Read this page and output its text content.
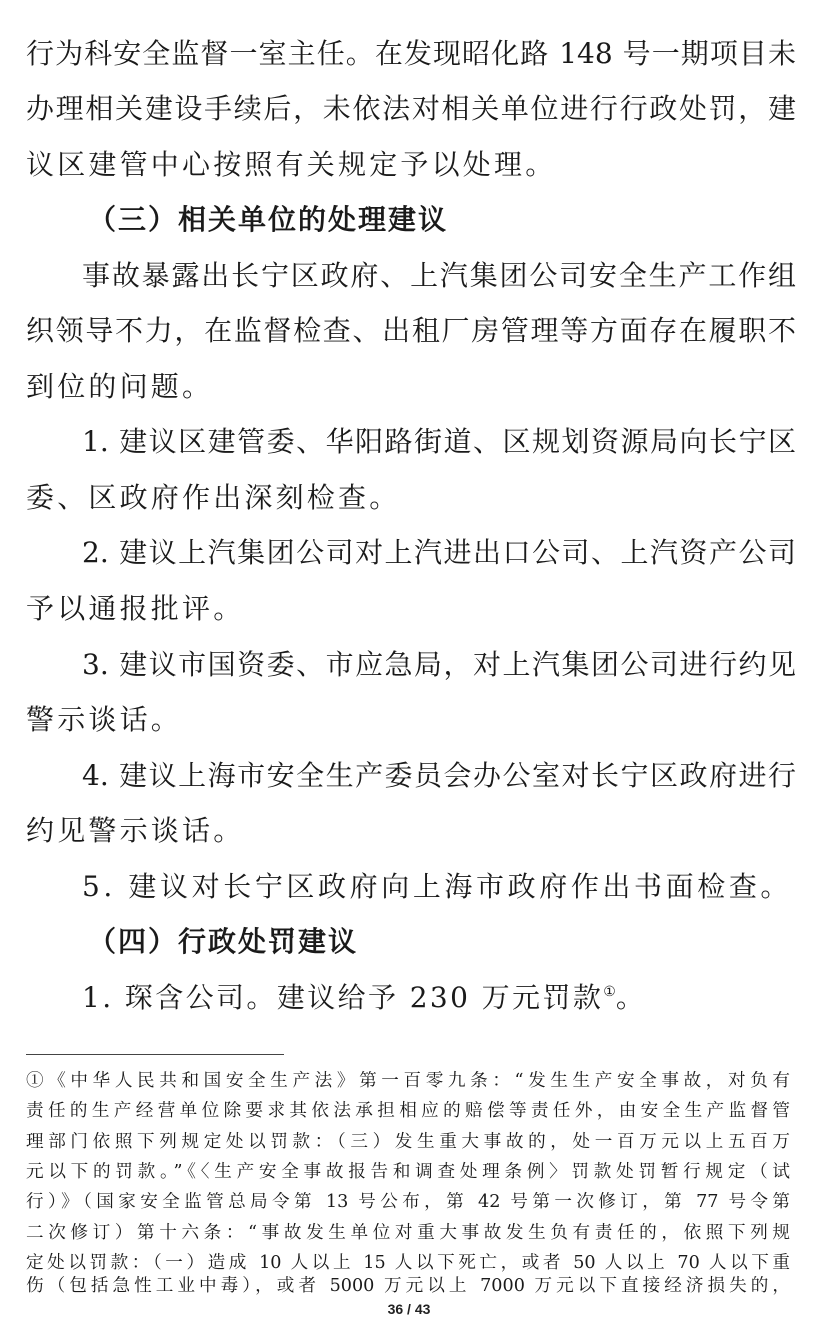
行为科安全监督一室主任。在发现昭化路 148 号一期项目未
办理相关建设手续后，未依法对相关单位进行行政处罚，建
议区建管中心按照有关规定予以处理。
（三）相关单位的处理建议
事故暴露出长宁区政府、上汽集团公司安全生产工作组
织领导不力，在监督检查、出租厂房管理等方面存在履职不
到位的问题。
1. 建议区建管委、华阳路街道、区规划资源局向长宁区
委、区政府作出深刻检查。
2. 建议上汽集团公司对上汽进出口公司、上汽资产公司
予以通报批评。
3. 建议市国资委、市应急局，对上汽集团公司进行约见
警示谈话。
4. 建议上海市安全生产委员会办公室对长宁区政府进行
约见警示谈话。
5. 建议对长宁区政府向上海市政府作出书面检查。
（四）行政处罚建议
1. 琛含公司。建议给予 230 万元罚款①。
①《中华人民共和国安全生产法》第一百零九条：“发生生产安全事故，对负有
责任的生产经营单位除要求其依法承担相应的赔偿等责任外，由安全生产监督管
理部门依照下列规定处以罚款：（三）发生重大事故的，处一百万元以上五百万
元以下的罚款。”《〈生产安全事故报告和调查处理条例〉罚款处罚暂行规定（试
行）》（国家安全监管总局令第 13 号公布，第 42 号第一次修订，第 77 号令第
二次修订）第十六条：“事故发生单位对重大事故发生负有责任的，依照下列规
定处以罚款：（一）造成 10 人以上 15 人以下死亡，或者 50 人以上 70 人以下重
伤（包括急性工业中毒），或者 5000 万元以上 7000 万元以下直接经济损失的，
36 / 43
